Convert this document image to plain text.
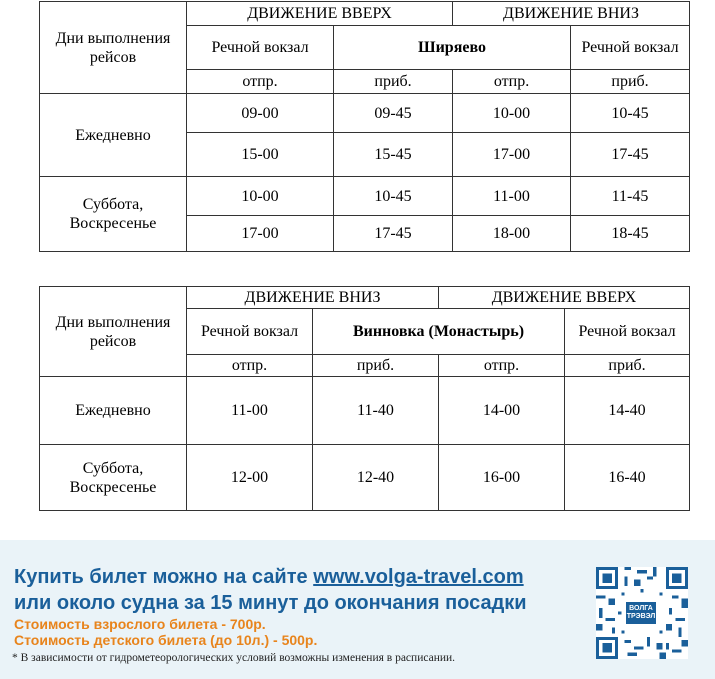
Дни выполнения рейсов	ДВИЖЕНИЕ ВВЕРХ		ДВИЖЕНИЕ ВНИЗ	
	Речной вокзал	Ширяево		Речной вокзал
	отпр.	приб.	отпр.	приб.
Ежедневно	09-00	09-45	10-00	10-45
	15-00	15-45	17-00	17-45
Суббота, Воскресенье	10-00	10-45	11-00	11-45
	17-00	17-45	18-00	18-45
Дни выполнения рейсов	ДВИЖЕНИЕ ВНИЗ		ДВИЖЕНИЕ ВВЕРХ	
	Речной вокзал	Винновка (Монастырь)		Речной вокзал
	отпр.	приб.	отпр.	приб.
Ежедневно	11-00	11-40	14-00	14-40
Суббота, Воскресенье	12-00	12-40	16-00	16-40
Купить билет можно на сайте www.volga-travel.com
или около судна за 15 минут до окончания посадки
Стоимость взрослого билета - 700р.
Стоимость детского билета (до 10л.) - 500р.
* В зависимости от гидрометеорологических условий возможны изменения в расписании.
ВОЛГА ТРЭВЭЛ
